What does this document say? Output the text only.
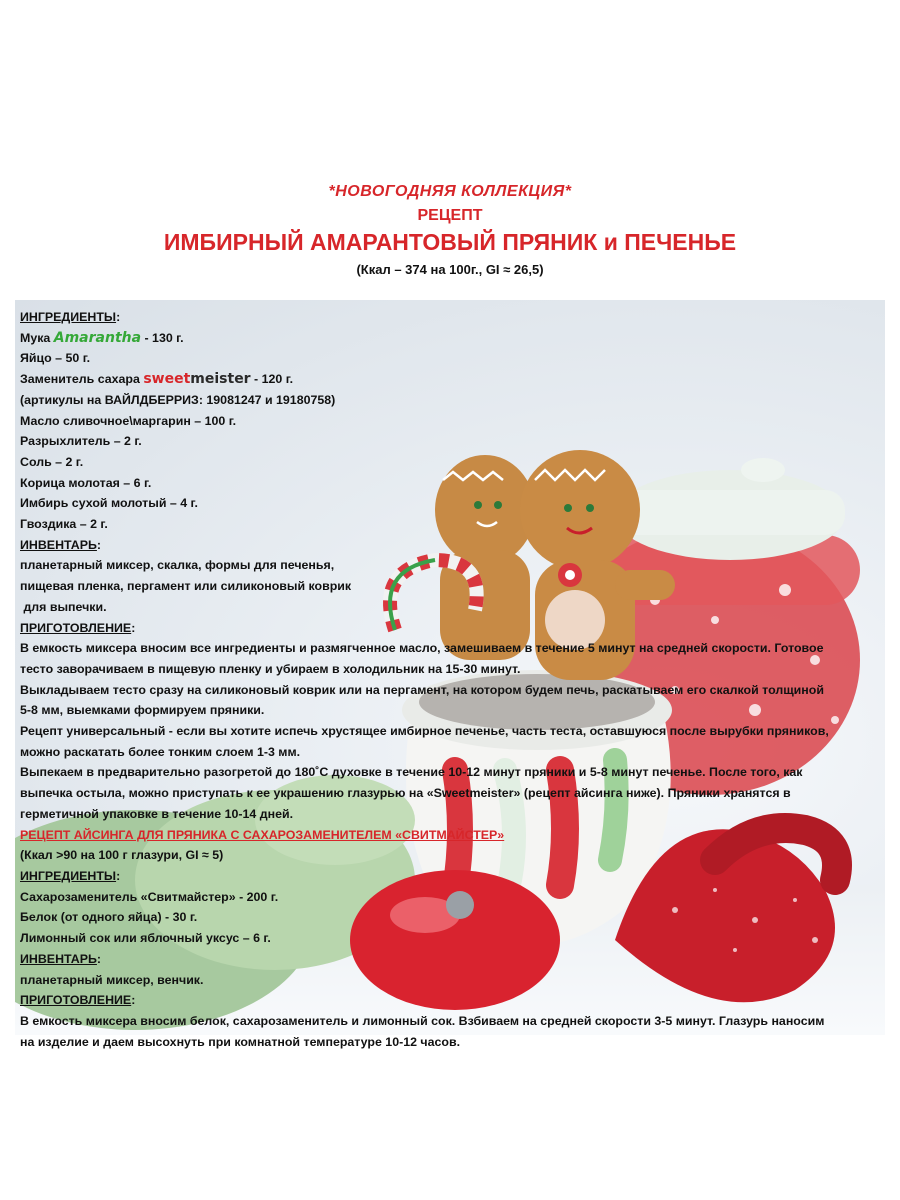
*НОВОГОДНЯЯ КОЛЛЕКЦИЯ*
РЕЦЕПТ
ИМБИРНЫЙ АМАРАНТОВЫЙ ПРЯНИК и ПЕЧЕНЬЕ
(Ккал – 374 на 100г., GI ≈ 26,5)
ИНГРЕДИЕНТЫ:
Мука Amarantha - 130 г.
Яйцо – 50 г.
Заменитель сахара sweetmeister - 120 г.
(артикулы на ВАЙЛДБЕРРИЗ: 19081247 и 19180758)
Масло сливочное\маргарин – 100 г.
Разрыхлитель – 2 г.
Соль – 2 г.
Корица молотая – 6 г.
Имбирь сухой молотый – 4 г.
Гвоздика – 2 г.
ИНВЕНТАРЬ:
планетарный миксер, скалка, формы для печенья,
пищевая пленка, пергамент или силиконовый коврик
для выпечки.
ПРИГОТОВЛЕНИЕ:
В емкость миксера вносим все ингредиенты и размягченное масло, замешиваем в течение 5 минут на средней скорости. Готовое
тесто заворачиваем в пищевую пленку и убираем в холодильник на 15-30 минут.
Выкладываем тесто сразу на силиконовый коврик или на пергамент, на котором будем печь, раскатываем его скалкой толщиной
5-8 мм, выемками формируем пряники.
Рецепт универсальный - если вы хотите испечь хрустящее имбирное печенье, часть теста, оставшуюся после вырубки пряников,
можно раскатать более тонким слоем 1-3 мм.
Выпекаем в предварительно разогретой до 180˚С духовке в течение 10-12 минут пряники и 5-8 минут печенье. После того, как
выпечка остыла, можно приступать к ее украшению глазурью на «Sweetmeister» (рецепт айсинга ниже). Пряники хранятся в
герметичной упаковке в течение 10-14 дней.
РЕЦЕПТ АЙСИНГА ДЛЯ ПРЯНИКА С САХАРОЗАМЕНИТЕЛЕМ «СВИТМАЙСТЕР»
(Ккал >90 на 100 г глазури, GI ≈ 5)
ИНГРЕДИЕНТЫ:
Сахарозаменитель «Свитмайстер» - 200 г.
Белок (от одного яйца) - 30 г.
Лимонный сок или яблочный уксус – 6 г.
ИНВЕНТАРЬ:
планетарный миксер, венчик.
ПРИГОТОВЛЕНИЕ:
В емкость миксера вносим белок, сахарозаменитель и лимонный сок. Взбиваем на средней скорости 3-5 минут. Глазурь наносим
на изделие и даем высохнуть при комнатной температуре 10-12 часов.
